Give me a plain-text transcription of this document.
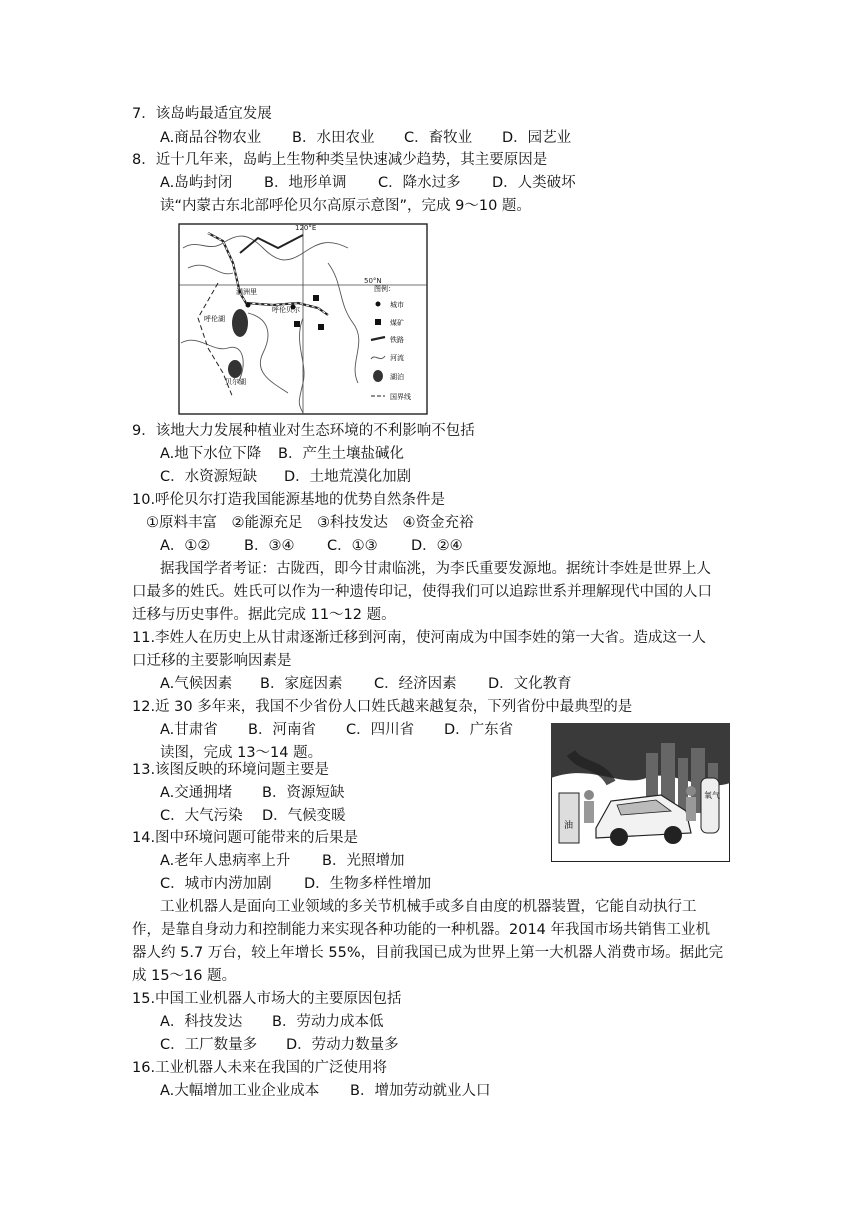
7．该岛屿最适宜发展
A.商品谷物农业 B．水田农业 C．畜牧业 D．园艺业
8．近十几年来，岛屿上生物种类呈快速减少趋势，其主要原因是
A.岛屿封闭 B．地形单调 C．降水过多 D．人类破坏
读“内蒙古东北部呼伦贝尔高原示意图”，完成 9～10 题。
120°E
50°N
满洲里
呼伦湖
呼伦贝尔
贝尔湖
图例：
城市
煤矿
铁路
河流
湖泊
国界线
9．该地大力发展种植业对生态环境的不利影响不包括
A.地下水位下降 B．产生土壤盐碱化
C．水资源短缺 D．土地荒漠化加剧
10.呼伦贝尔打造我国能源基地的优势自然条件是
①原料丰富　②能源充足　③科技发达　④资金充裕
A．①② B．③④ C．①③ D．②④
据我国学者考证：古陇西，即今甘肃临洮，为李氏重要发源地。据统计李姓是世界上人
口最多的姓氏。姓氏可以作为一种遗传印记，使得我们可以追踪世系并理解现代中国的人口
迁移与历史事件。据此完成 11～12 题。
11.李姓人在历史上从甘肃逐渐迁移到河南，使河南成为中国李姓的第一大省。造成这一人
口迁移的主要影响因素是
A.气候因素 B．家庭因素 C．经济因素 D．文化教育
12.近 30 多年来，我国不少省份人口姓氏越来越复杂，下列省份中最典型的是
A.甘肃省 B．河南省 C．四川省 D．广东省
读图，完成 13～14 题。
油
氧气
13.该图反映的环境问题主要是
A.交通拥堵 B．资源短缺
C．大气污染 D．气候变暖
14.图中环境问题可能带来的后果是
A.老年人患病率上升 B．光照增加
C．城市内涝加剧 D．生物多样性增加
工业机器人是面向工业领域的多关节机械手或多自由度的机器装置，它能自动执行工
作，是靠自身动力和控制能力来实现各种功能的一种机器。2014 年我国市场共销售工业机
器人约 5.7 万台，较上年增长 55%，目前我国已成为世界上第一大机器人消费市场。据此完
成 15～16 题。
15.中国工业机器人市场大的主要原因包括
A．科技发达 B．劳动力成本低
C．工厂数量多 D．劳动力数量多
16.工业机器人未来在我国的广泛使用将
A.大幅增加工业企业成本 B．增加劳动就业人口
